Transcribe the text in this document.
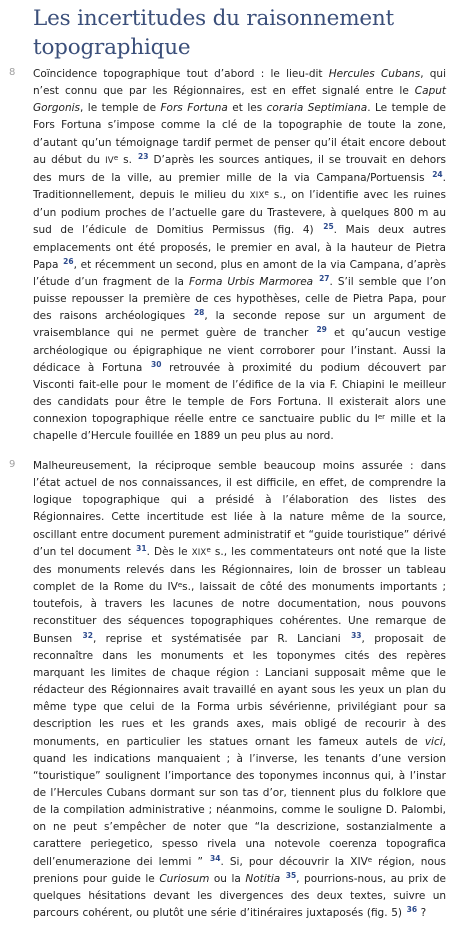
Les incertitudes du raisonnement topographique
8 Coïncidence topographique tout d’abord : le lieu-dit Hercules Cubans, qui n’est connu que par les Régionnaires, est en effet signalé entre le Caput Gorgonis, le temple de Fors Fortuna et les coraria Septimiana. Le temple de Fors Fortuna s’impose comme la clé de la topographie de toute la zone, d’autant qu’un témoignage tardif permet de penser qu’il était encore debout au début du IVe s. $^{23}$ D’après les sources antiques, il se trouvait en dehors des murs de la ville, au premier mille de la via Campana/Portuensis $^{24}$. Traditionnellement, depuis le milieu du XIXe s., on l’identifie avec les ruines d’un podium proches de l’actuelle gare du Trastevere, à quelques 800 m au sud de l’édicule de Domitius Permissus (fig. 4) $^{25}$. Mais deux autres emplacements ont été proposés, le premier en aval, à la hauteur de Pietra Papa $^{26}$, et récemment un second, plus en amont de la via Campana, d’après l’étude d’un fragment de la Forma Urbis Marmorea $^{27}$. S’il semble que l’on puisse repousser la première de ces hypothèses, celle de Pietra Papa, pour des raisons archéologiques $^{28}$, la seconde repose sur un argument de vraisemblance qui ne permet guère de trancher $^{29}$ et qu’aucun vestige archéologique ou épigraphique ne vient corroborer pour l’instant. Aussi la dédicace à Fortuna $^{30}$ retrouvée à proximité du podium découvert par Visconti fait-elle pour le moment de l’édifice de la via F. Chiapini le meilleur des candidats pour être le temple de Fors Fortuna. Il existerait alors une connexion topographique réelle entre ce sanctuaire public du Ier mille et la chapelle d’Hercule fouillée en 1889 un peu plus au nord.

9 Malheureusement, la réciproque semble beaucoup moins assurée : dans l’état actuel de nos connaissances, il est difficile, en effet, de comprendre la logique topographique qui a présidé à l’élaboration des listes des Régionnaires. Cette incertitude est liée à la nature même de la source, oscillant entre document purement administratif et “guide touristique” dérivé d’un tel document $^{31}$. Dès le XIXe s., les commentateurs ont noté que la liste des monuments relevés dans les Régionnaires, loin de brosser un tableau complet de la Rome du IVes., laissait de côté des monuments importants ; toutefois, à travers les lacunes de notre documentation, nous pouvons reconstituer des séquences topographiques cohérentes. Une remarque de Bunsen $^{32}$, reprise et systématisée par R. Lanciani $^{33}$, proposait de reconnaître dans les monuments et les toponymes cités des repères marquant les limites de chaque région : Lanciani supposait même que le rédacteur des Régionnaires avait travaillé en ayant sous les yeux un plan du même type que celui de la Forma urbis sévérienne, privilégiant pour sa description les rues et les grands axes, mais obligé de recourir à des monuments, en particulier les statues ornant les fameux autels de vici, quand les indications manquaient ; à l’inverse, les tenants d’une version “touristique” soulignent l’importance des toponymes inconnus qui, à l’instar de l’Hercules Cubans dormant sur son tas d’or, tiennent plus du folklore que de la compilation administrative ; néanmoins, comme le souligne D. Palombi, on ne peut s’empêcher de noter que “la descrizione, sostanzialmente a carattere periegetico, spesso rivela una notevole coerenza topografica dell’enumerazione dei lemmi ” $^{34}$. Si, pour découvrir la XIVe région, nous prenions pour guide le Curiosum ou la Notitia $^{35}$, pourrions-nous, au prix de quelques hésitations devant les divergences des deux textes, suivre un parcours cohérent, ou plutôt une série d’itinéraires juxtaposés (fig. 5) $^{36}$ ?
